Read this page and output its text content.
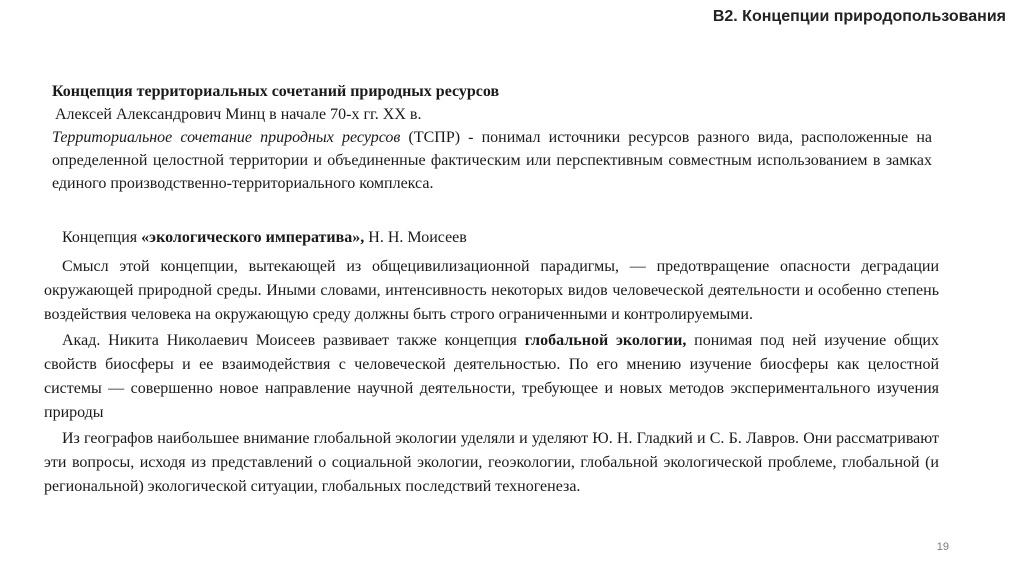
В2. Концепции природопользования
Концепция территориальных сочетаний природных ресурсов
Алексей Александрович Минц в начале 70-х гг. XX в.

Территориальное сочетание природных ресурсов (ТСПР) - понимал источники ресурсов разного вида, расположенные на определенной целостной территории и объединенные фактическим или перспективным совместным использованием в замках единого производственно-территориального комплекса.

Концепция «экологического императива», Н. Н. Моисеев

Смысл этой концепции, вытекающей из общецивилизационной парадигмы, — предотвращение опасности деградации окружающей природной среды. Иными словами, интенсивность некоторых видов человеческой деятельности и особенно степень воздействия человека на окружающую среду должны быть строго ограниченными и контролируемыми.

Акад. Никита Николаевич Моисеев развивает также концепция глобальной экологии, понимая под ней изучение общих свойств биосферы и ее взаимодействия с человеческой деятельностью. По его мнению изучение биосферы как целостной системы — совершенно новое направление научной деятельности, требующее и новых методов экспериментального изучения природы

Из географов наибольшее внимание глобальной экологии уделяли и уделяют Ю. Н. Гладкий и С. Б. Лавров. Они рассматривают эти вопросы, исходя из представлений о социальной экологии, геоэкологии, глобальной экологической проблеме, глобальной (и региональной) экологической ситуации, глобальных последствий техногенеза.

19
